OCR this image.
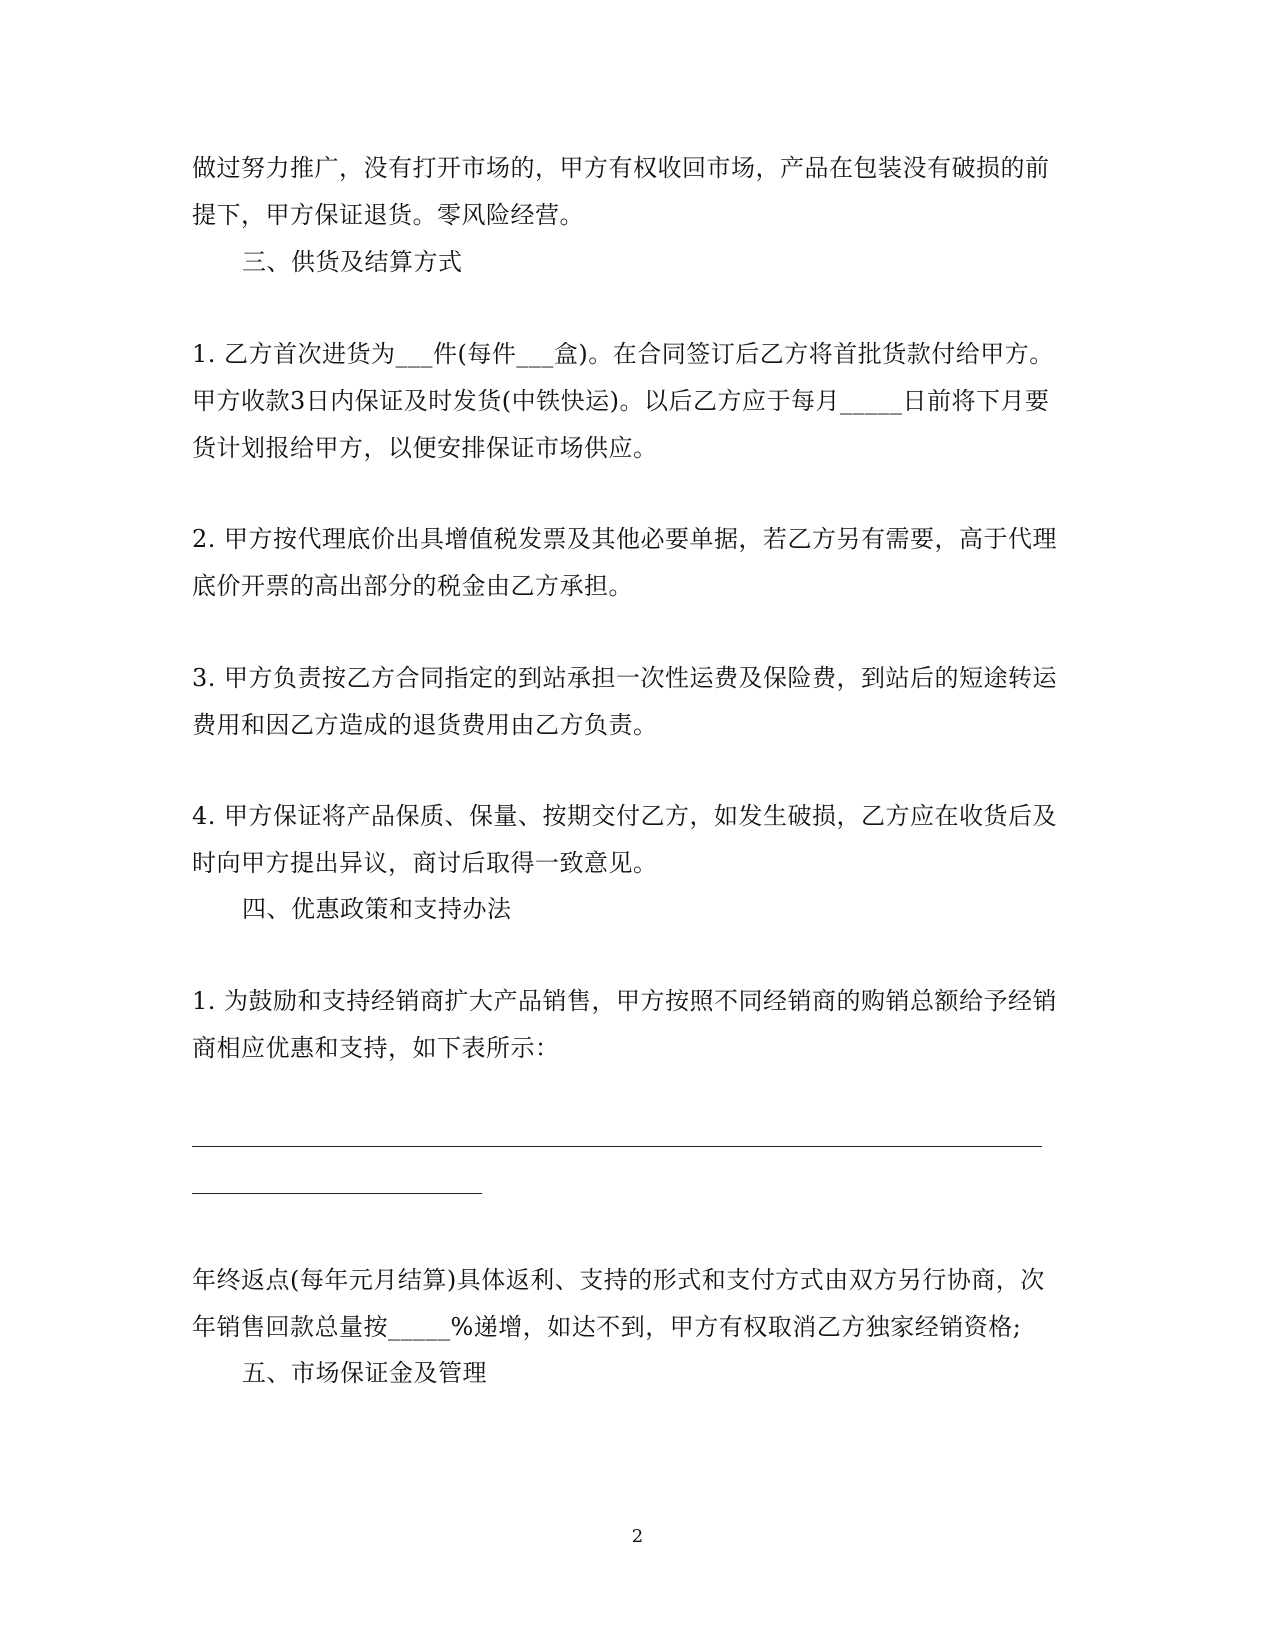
做过努力推广，没有打开市场的，甲方有权收回市场，产品在包装没有破损的前
提下，甲方保证退货。零风险经营。
三、供货及结算方式
1. 乙方首次进货为___件(每件___盒)。在合同签订后乙方将首批货款付给甲方。
甲方收款3日内保证及时发货(中铁快运)。以后乙方应于每月_____日前将下月要
货计划报给甲方，以便安排保证市场供应。
2. 甲方按代理底价出具增值税发票及其他必要单据，若乙方另有需要，高于代理
底价开票的高出部分的税金由乙方承担。
3. 甲方负责按乙方合同指定的到站承担一次性运费及保险费，到站后的短途转运
费用和因乙方造成的退货费用由乙方负责。
4. 甲方保证将产品保质、保量、按期交付乙方，如发生破损，乙方应在收货后及
时向甲方提出异议，商讨后取得一致意见。
四、优惠政策和支持办法
1. 为鼓励和支持经销商扩大产品销售，甲方按照不同经销商的购销总额给予经销
商相应优惠和支持，如下表所示：
年终返点(每年元月结算)具体返利、支持的形式和支付方式由双方另行协商，次
年销售回款总量按_____%递增，如达不到，甲方有权取消乙方独家经销资格;
五、市场保证金及管理
2
